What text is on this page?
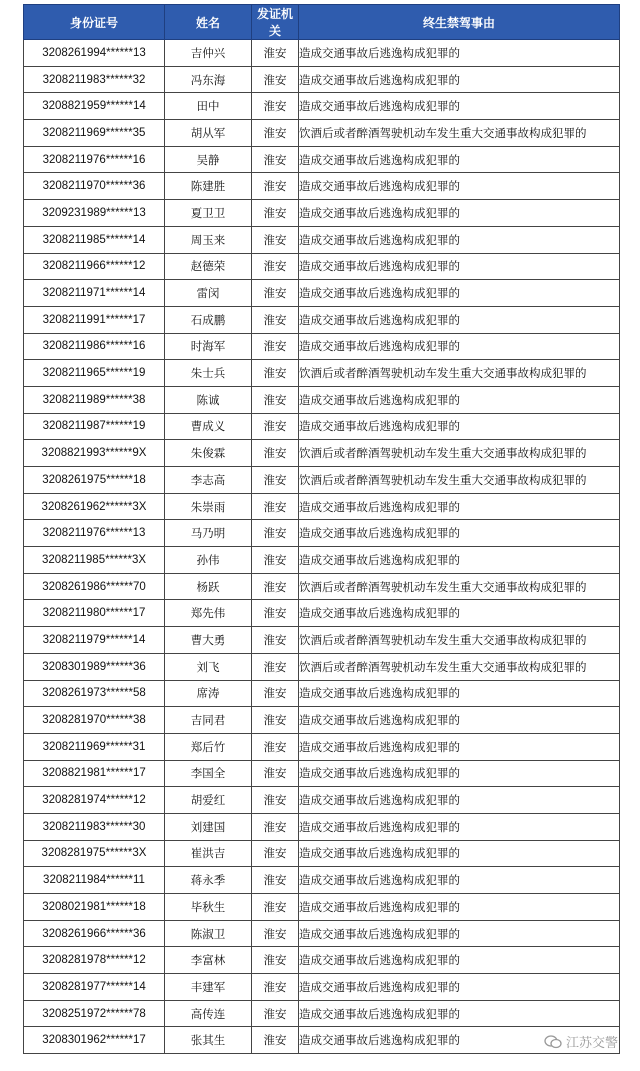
身份证号	姓名	发证机关	终生禁驾事由
3208261994******13	吉仲兴	淮安	造成交通事故后逃逸构成犯罪的
3208211983******32	冯东海	淮安	造成交通事故后逃逸构成犯罪的
3208821959******14	田中	淮安	造成交通事故后逃逸构成犯罪的
3208211969******35	胡从军	淮安	饮酒后或者醉酒驾驶机动车发生重大交通事故构成犯罪的
3208211976******16	吴静	淮安	造成交通事故后逃逸构成犯罪的
3208211970******36	陈建胜	淮安	造成交通事故后逃逸构成犯罪的
3209231989******13	夏卫卫	淮安	造成交通事故后逃逸构成犯罪的
3208211985******14	周玉来	淮安	造成交通事故后逃逸构成犯罪的
3208211966******12	赵德荣	淮安	造成交通事故后逃逸构成犯罪的
3208211971******14	雷闵	淮安	造成交通事故后逃逸构成犯罪的
3208211991******17	石成鹏	淮安	造成交通事故后逃逸构成犯罪的
3208211986******16	时海军	淮安	造成交通事故后逃逸构成犯罪的
3208211965******19	朱士兵	淮安	饮酒后或者醉酒驾驶机动车发生重大交通事故构成犯罪的
3208211989******38	陈诚	淮安	造成交通事故后逃逸构成犯罪的
3208211987******19	曹成义	淮安	造成交通事故后逃逸构成犯罪的
3208821993******9X	朱俊霖	淮安	饮酒后或者醉酒驾驶机动车发生重大交通事故构成犯罪的
3208261975******18	李志高	淮安	饮酒后或者醉酒驾驶机动车发生重大交通事故构成犯罪的
3208261962******3X	朱崇雨	淮安	造成交通事故后逃逸构成犯罪的
3208211976******13	马乃明	淮安	造成交通事故后逃逸构成犯罪的
3208211985******3X	孙伟	淮安	造成交通事故后逃逸构成犯罪的
3208261986******70	杨跃	淮安	饮酒后或者醉酒驾驶机动车发生重大交通事故构成犯罪的
3208211980******17	郑先伟	淮安	造成交通事故后逃逸构成犯罪的
3208211979******14	曹大勇	淮安	饮酒后或者醉酒驾驶机动车发生重大交通事故构成犯罪的
3208301989******36	刘飞	淮安	饮酒后或者醉酒驾驶机动车发生重大交通事故构成犯罪的
3208261973******58	席涛	淮安	造成交通事故后逃逸构成犯罪的
3208281970******38	吉同君	淮安	造成交通事故后逃逸构成犯罪的
3208211969******31	郑后竹	淮安	造成交通事故后逃逸构成犯罪的
3208821981******17	李国全	淮安	造成交通事故后逃逸构成犯罪的
3208281974******12	胡爱红	淮安	造成交通事故后逃逸构成犯罪的
3208211983******30	刘建国	淮安	造成交通事故后逃逸构成犯罪的
3208281975******3X	崔洪吉	淮安	造成交通事故后逃逸构成犯罪的
3208211984******11	蒋永季	淮安	造成交通事故后逃逸构成犯罪的
3208021981******18	毕秋生	淮安	造成交通事故后逃逸构成犯罪的
3208261966******36	陈淑卫	淮安	造成交通事故后逃逸构成犯罪的
3208281978******12	李富林	淮安	造成交通事故后逃逸构成犯罪的
3208281977******14	丰建军	淮安	造成交通事故后逃逸构成犯罪的
3208251972******78	高传连	淮安	造成交通事故后逃逸构成犯罪的
3208301962******17	张其生	淮安	造成交通事故后逃逸构成犯罪的	江苏交警
